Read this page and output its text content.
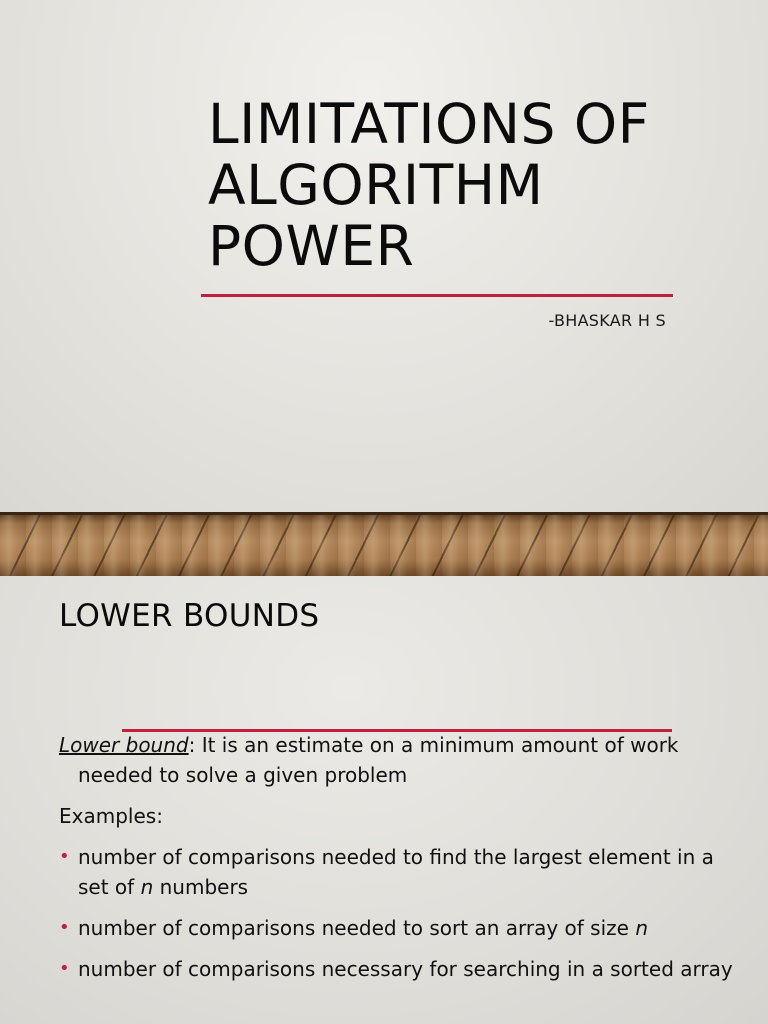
LIMITATIONS OF
ALGORITHM
POWER
-BHASKAR H S
LOWER BOUNDS

Lower bound: It is an estimate on a minimum amount of work needed to solve a given problem

Examples:

• number of comparisons needed to find the largest element in a set of n numbers
• number of comparisons needed to sort an array of size n
• number of comparisons necessary for searching in a sorted array
